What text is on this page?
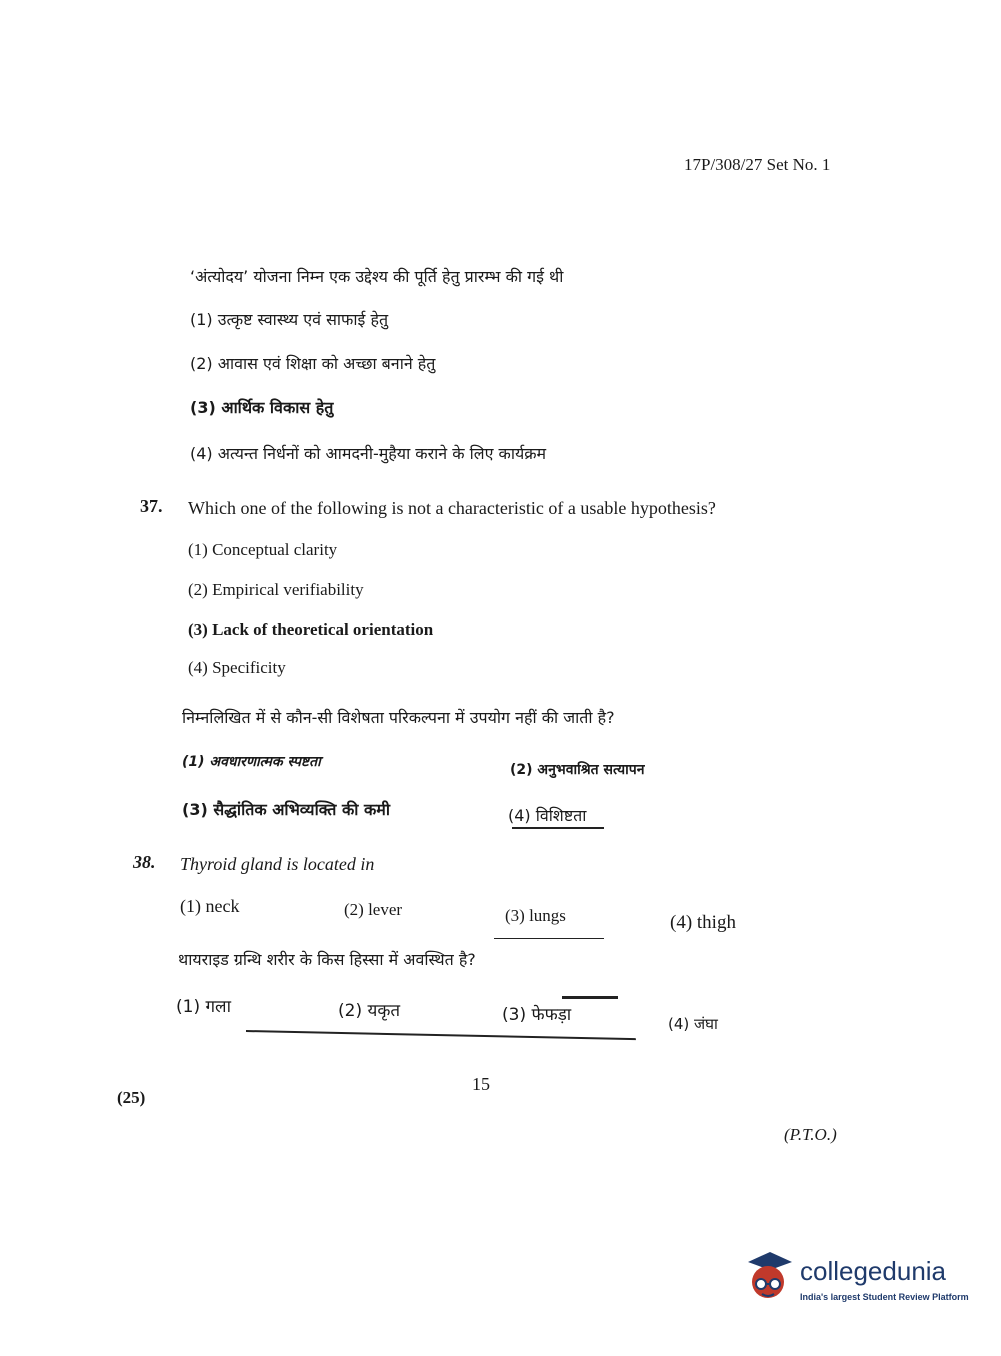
17P/308/27 Set No. 1
‘अंत्योदय’ योजना निम्न एक उद्देश्य की पूर्ति हेतु प्रारम्भ की गई थी
(1) उत्कृष्ट स्वास्थ्य एवं साफाई हेतु
(2) आवास एवं शिक्षा को अच्छा बनाने हेतु
(3) आर्थिक विकास हेतु
(4) अत्यन्त निर्धनों को आमदनी-मुहैया कराने के लिए कार्यक्रम
37. Which one of the following is not a characteristic of a usable hypothesis?
(1) Conceptual clarity
(2) Empirical verifiability
(3) Lack of theoretical orientation
(4) Specificity
निम्नलिखित में से कौन-सी विशेषता परिकल्पना में उपयोग नहीं की जाती है?
(1) अवधारणात्मक स्पष्टता	(2) अनुभवाश्रित सत्यापन
(3) सैद्धांतिक अभिव्यक्ति की कमी	(4) विशिष्टता
38. Thyroid gland is located in
(1) neck	(2) lever	(3) lungs	(4) thigh
थायराइड ग्रन्थि शरीर के किस हिस्सा में अवस्थित है?
(1) गला	(2) यकृत	(3) फेफड़ा	(4) जंघा
15
(25)
(P.T.O.)
collegedunia
India's largest Student Review Platform
